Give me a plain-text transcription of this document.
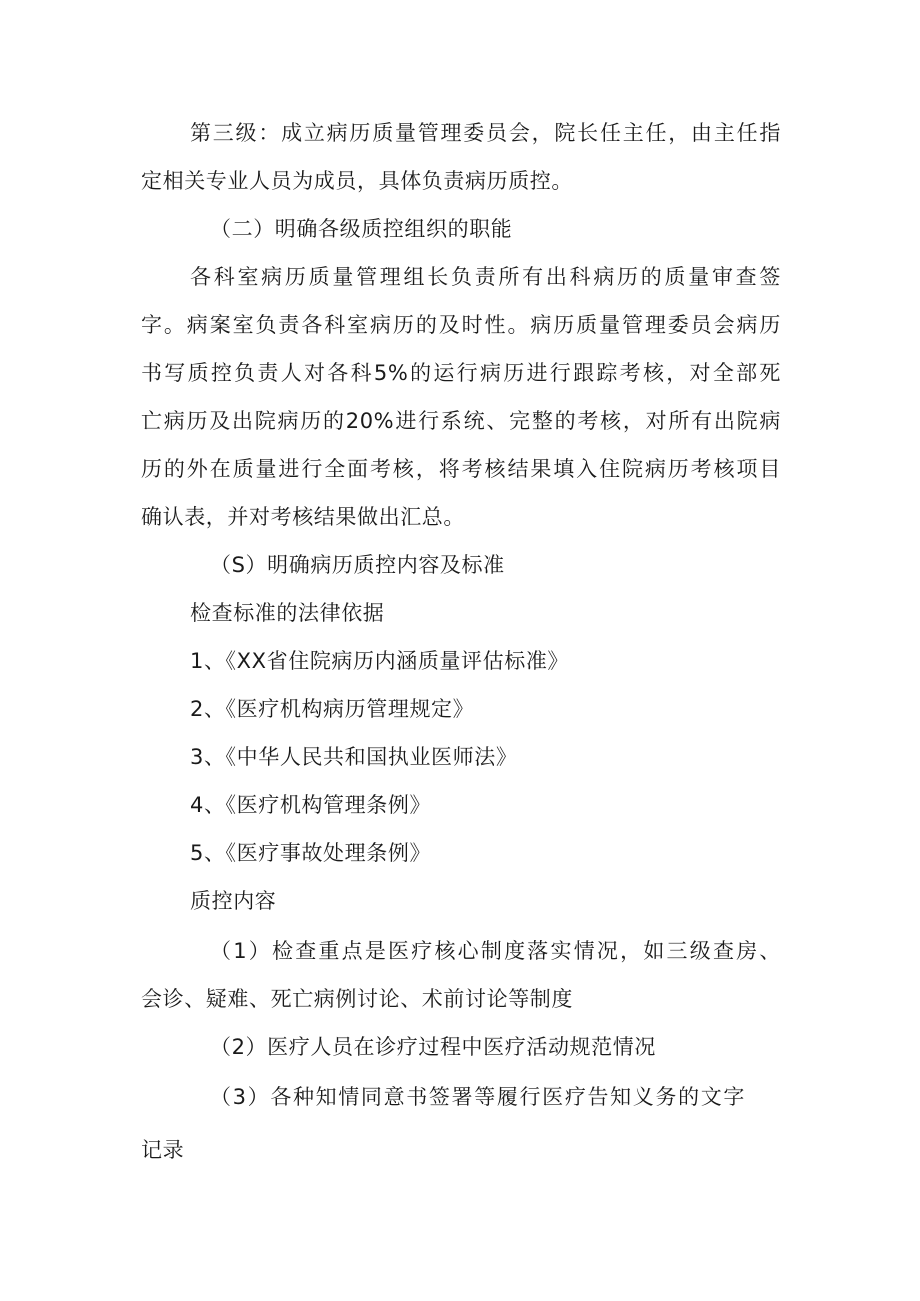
第三级：成立病历质量管理委员会，院长任主任，由主任指
定相关专业人员为成员，具体负责病历质控。
（二）明确各级质控组织的职能
各科室病历质量管理组长负责所有出科病历的质量审查签
字。病案室负责各科室病历的及时性。病历质量管理委员会病历
书写质控负责人对各科5%的运行病历进行跟踪考核，对全部死
亡病历及出院病历的20%进行系统、完整的考核，对所有出院病
历的外在质量进行全面考核，将考核结果填入住院病历考核项目
确认表，并对考核结果做出汇总。
（S）明确病历质控内容及标准
检查标准的法律依据
1、《XX省住院病历内涵质量评估标准》
2、《医疗机构病历管理规定》
3、《中华人民共和国执业医师法》
4、《医疗机构管理条例》
5、《医疗事故处理条例》
质控内容
（1）检查重点是医疗核心制度落实情况，如三级查房、
会诊、疑难、死亡病例讨论、术前讨论等制度
（2）医疗人员在诊疗过程中医疗活动规范情况
（3）各种知情同意书签署等履行医疗告知义务的文字
记录
